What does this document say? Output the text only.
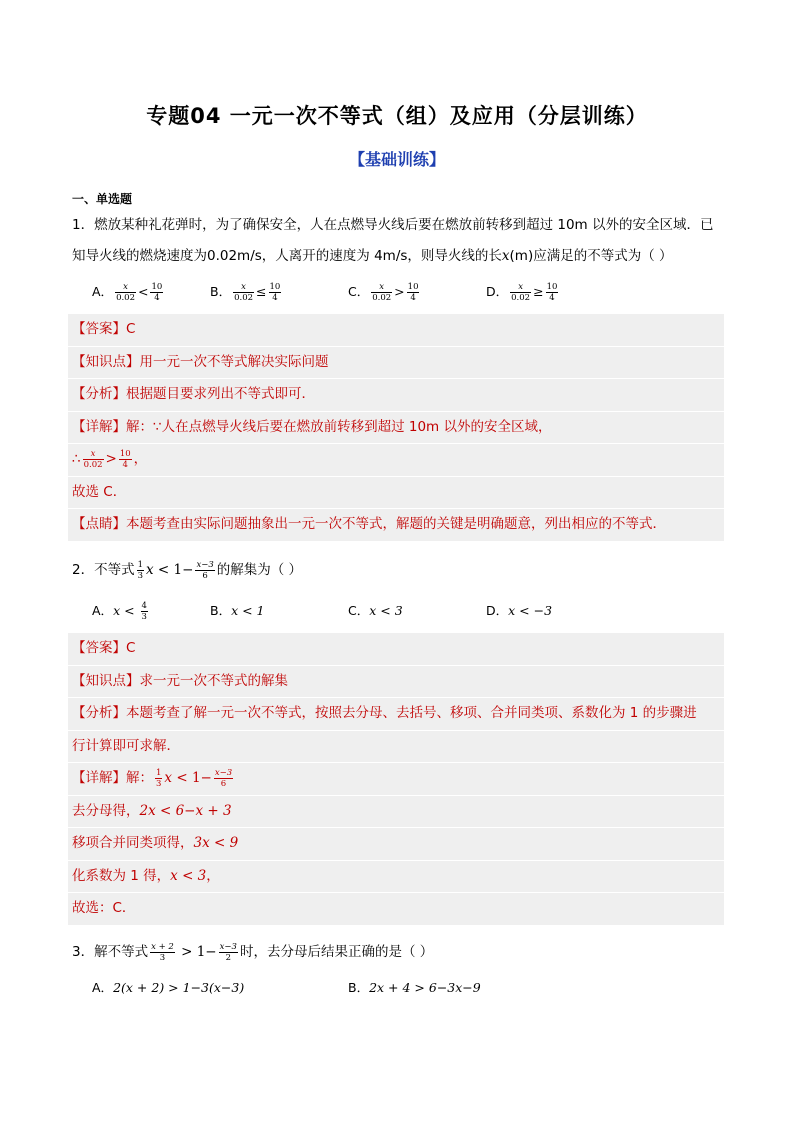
专题04 一元一次不等式（组）及应用（分层训练）
【基础训练】
一、单选题
1．燃放某种礼花弹时，为了确保安全，人在点燃导火线后要在燃放前转移到超过 10m 以外的安全区域．已
知导火线的燃烧速度为0.02m/s，人离开的速度为 4m/s，则导火线的长x(m)应满足的不等式为（ ）
A． $\frac{x}{0.02} < \frac{10}{4}$	B． $\frac{x}{0.02} \le \frac{10}{4}$	C． $\frac{x}{0.02} > \frac{10}{4}$	D． $\frac{x}{0.02} \ge \frac{10}{4}$
【答案】C
【知识点】用一元一次不等式解决实际问题
【分析】根据题目要求列出不等式即可．
【详解】解：∵人在点燃导火线后要在燃放前转移到超过 10m 以外的安全区域，
∴ $\frac{x}{0.02} > \frac{10}{4}$ ，
故选 C．
【点睛】本题考查由实际问题抽象出一元一次不等式，解题的关键是明确题意，列出相应的不等式．
2．不等式 $\frac{1}{3}$ $x < 1- \frac{x-3}{6}$ 的解集为（ ）
A．$x < \frac{4}{3}$	B．x < 1	C．x < 3	D．x < −3
【答案】C
【知识点】求一元一次不等式的解集
【分析】本题考查了解一元一次不等式，按照去分母、去括号、移项、合并同类项、系数化为 1 的步骤进
行计算即可求解．
【详解】解： $\frac{1}{3}$ $x < 1- \frac{x-3}{6}$
去分母得，2x < 6−x + 3
移项合并同类项得，3x < 9
化系数为 1 得，x < 3，
故选：C．
3．解不等式 $\frac{x + 2}{3} > 1- \frac{x-3}{2}$ 时，去分母后结果正确的是（ ）
A．2(x + 2) > 1−3(x−3)	B．2x + 4 > 6−3x−9
